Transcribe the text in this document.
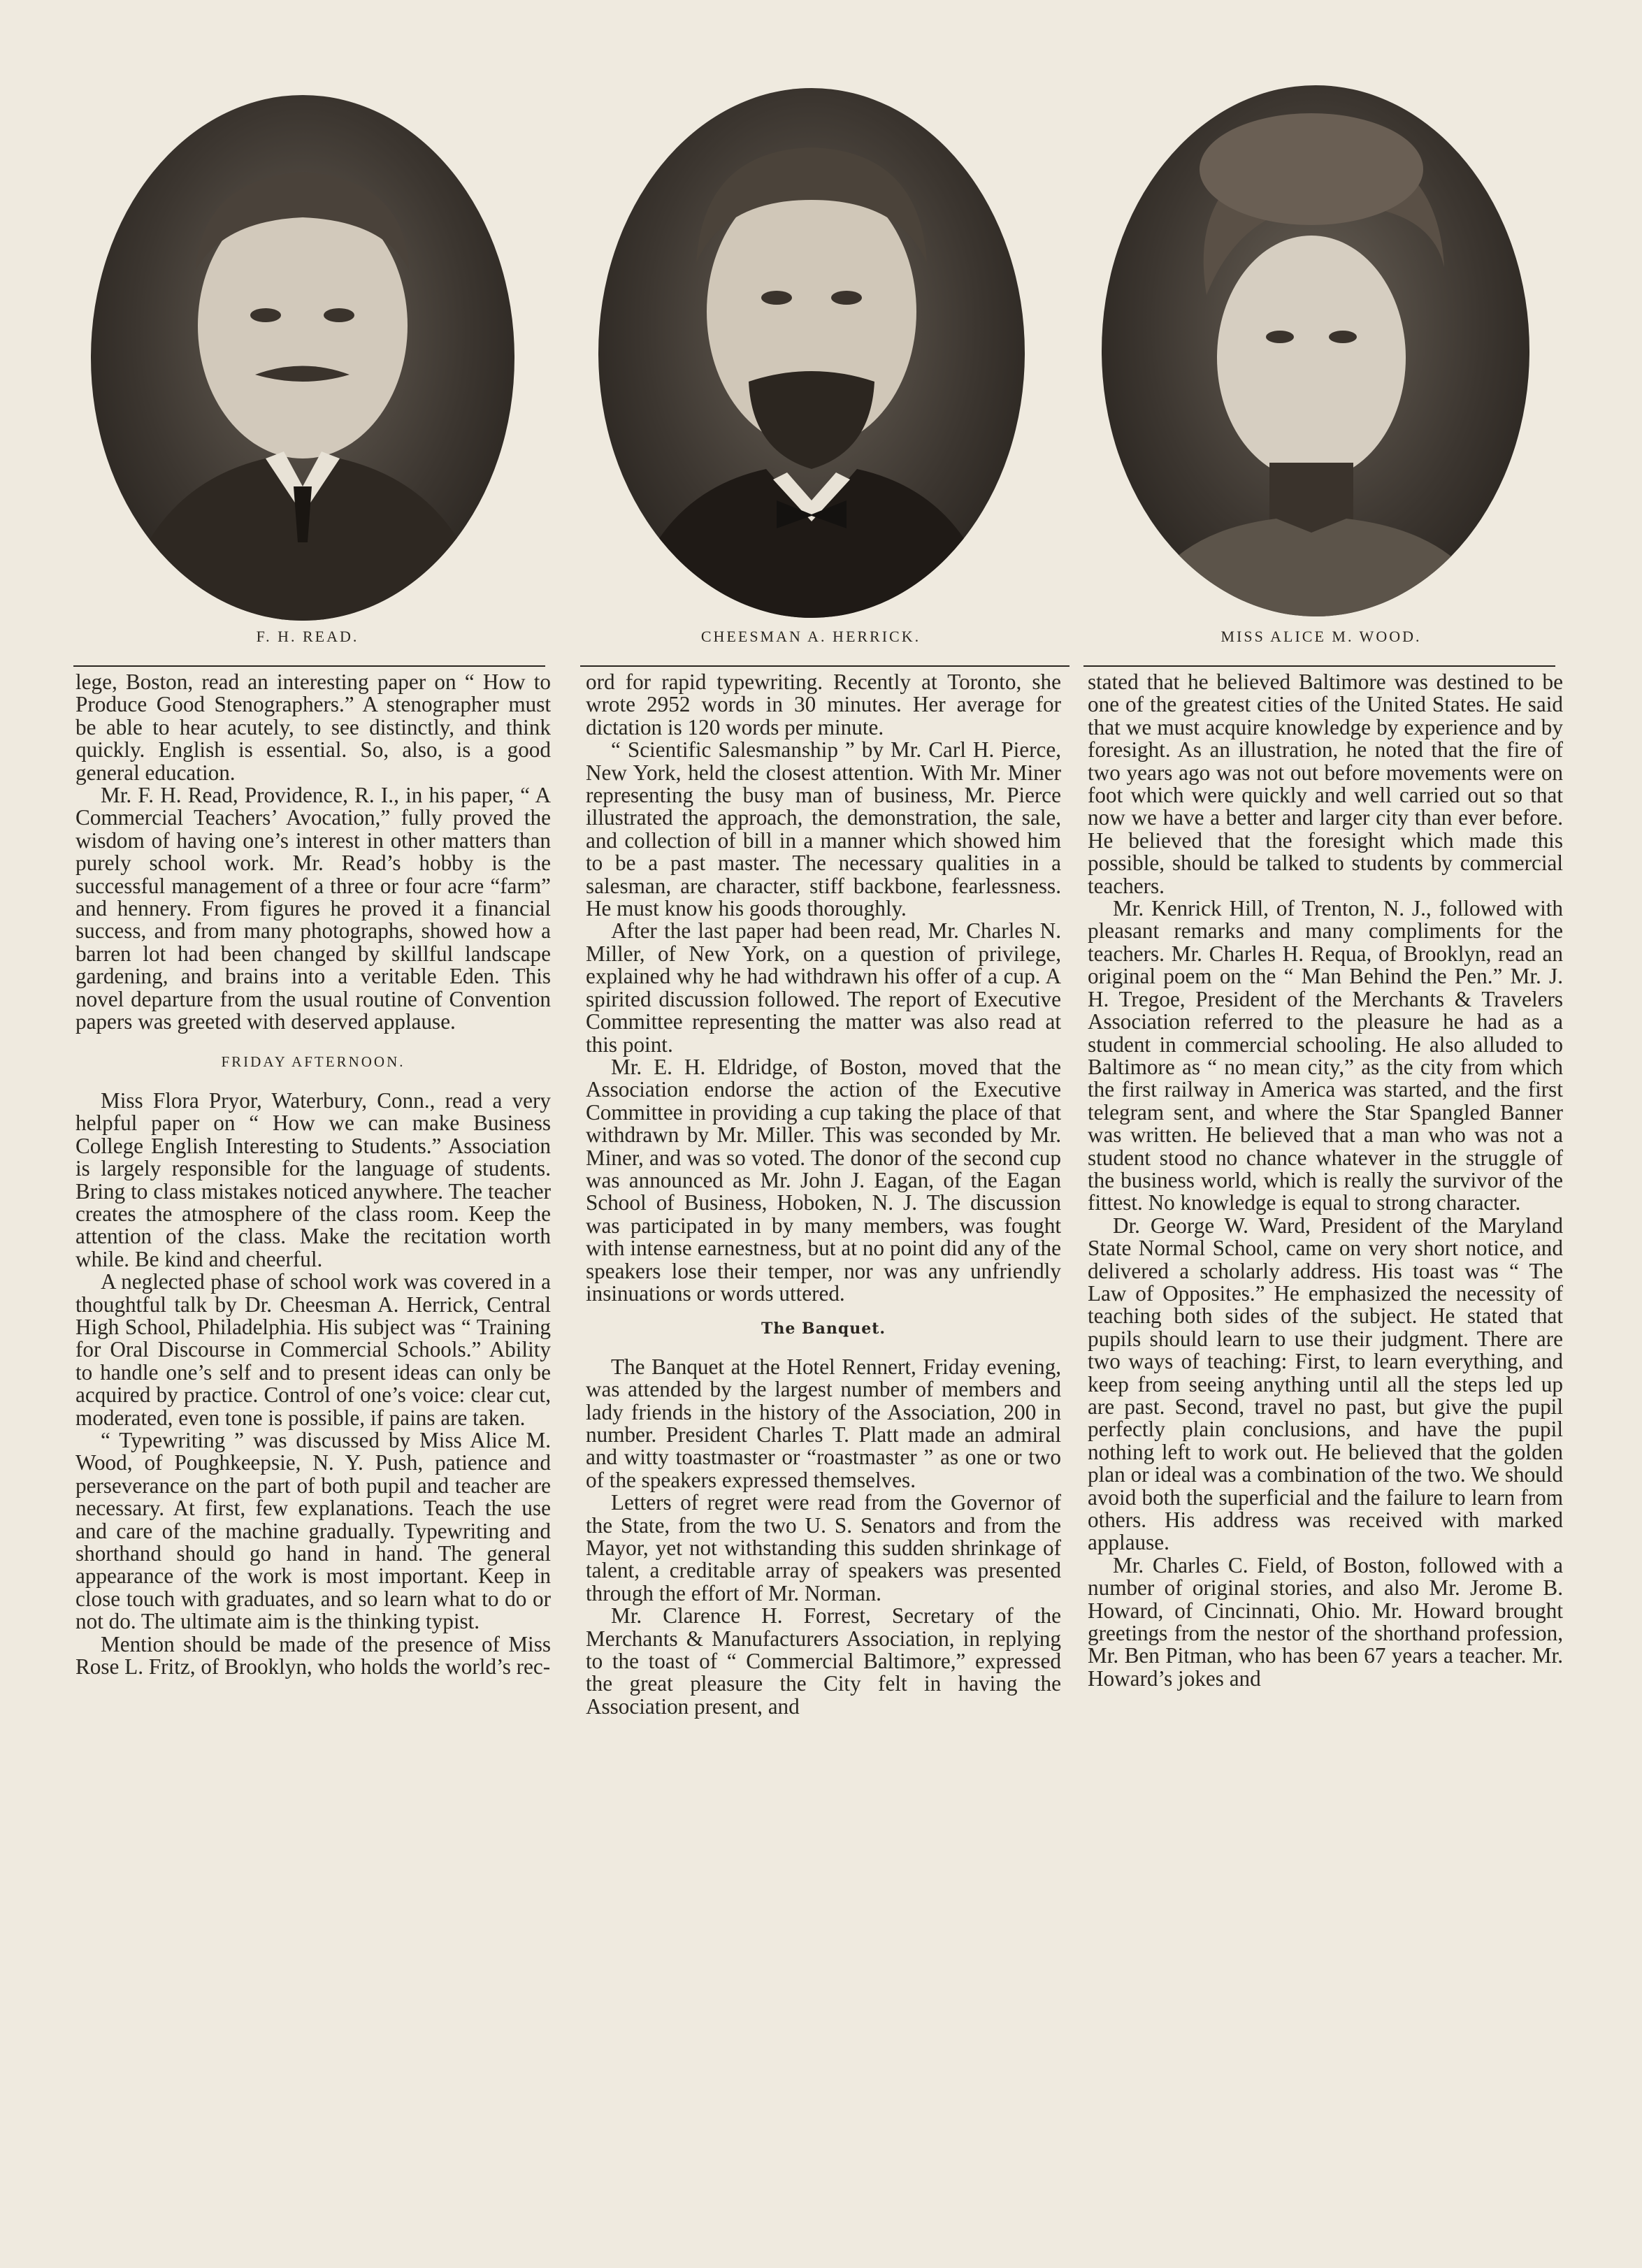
F. H. READ.	CHEESMAN A. HERRICK.	MISS ALICE M. WOOD.

lege, Boston, read an interesting paper on “ How to Produce Good Stenographers.” A stenographer must be able to hear acutely, to see distinctly, and think quickly. English is essential. So, also, is a good general education.

Mr. F. H. Read, Providence, R. I., in his paper, “ A Commercial Teachers’ Avocation,” fully proved the wisdom of having one’s interest in other matters than purely school work. Mr. Read’s hobby is the successful management of a three or four acre “farm” and hennery. From figures he proved it a financial success, and from many photographs, showed how a barren lot had been changed by skillful landscape gardening, and brains into a veritable Eden. This novel departure from the usual routine of Convention papers was greeted with deserved applause.

FRIDAY AFTERNOON.

Miss Flora Pryor, Waterbury, Conn., read a very helpful paper on “ How we can make Business College English Interesting to Students.” Association is largely responsible for the language of students. Bring to class mistakes noticed anywhere. The teacher creates the atmosphere of the class room. Keep the attention of the class. Make the recitation worth while. Be kind and cheerful.

A neglected phase of school work was covered in a thoughtful talk by Dr. Cheesman A. Herrick, Central High School, Philadelphia. His subject was “ Training for Oral Discourse in Commercial Schools.” Ability to handle one’s self and to present ideas can only be acquired by practice. Control of one’s voice: clear cut, moderated, even tone is possible, if pains are taken.

“ Typewriting ” was discussed by Miss Alice M. Wood, of Poughkeepsie, N. Y. Push, patience and perseverance on the part of both pupil and teacher are necessary. At first, few explanations. Teach the use and care of the machine gradually. Typewriting and shorthand should go hand in hand. The general appearance of the work is most important. Keep in close touch with graduates, and so learn what to do or not do. The ultimate aim is the thinking typist.

Mention should be made of the presence of Miss Rose L. Fritz, of Brooklyn, who holds the world’s rec-

ord for rapid typewriting. Recently at Toronto, she wrote 2952 words in 30 minutes. Her average for dictation is 120 words per minute.

“ Scientific Salesmanship ” by Mr. Carl H. Pierce, New York, held the closest attention. With Mr. Miner representing the busy man of business, Mr. Pierce illustrated the approach, the demonstration, the sale, and collection of bill in a manner which showed him to be a past master. The necessary qualities in a salesman, are character, stiff backbone, fearlessness. He must know his goods thoroughly.

After the last paper had been read, Mr. Charles N. Miller, of New York, on a question of privilege, explained why he had withdrawn his offer of a cup. A spirited discussion followed. The report of Executive Committee representing the matter was also read at this point.

Mr. E. H. Eldridge, of Boston, moved that the Association endorse the action of the Executive Committee in providing a cup taking the place of that withdrawn by Mr. Miller. This was seconded by Mr. Miner, and was so voted. The donor of the second cup was announced as Mr. John J. Eagan, of the Eagan School of Business, Hoboken, N. J. The discussion was participated in by many members, was fought with intense earnestness, but at no point did any of the speakers lose their temper, nor was any unfriendly insinuations or words uttered.

The Banquet.

The Banquet at the Hotel Rennert, Friday evening, was attended by the largest number of members and lady friends in the history of the Association, 200 in number. President Charles T. Platt made an admiral and witty toastmaster or “roastmaster ” as one or two of the speakers expressed themselves.

Letters of regret were read from the Governor of the State, from the two U. S. Senators and from the Mayor, yet not withstanding this sudden shrinkage of talent, a creditable array of speakers was presented through the effort of Mr. Norman.

Mr. Clarence H. Forrest, Secretary of the Merchants & Manufacturers Association, in replying to the toast of “ Commercial Baltimore,” expressed the great pleasure the City felt in having the Association present, and

stated that he believed Baltimore was destined to be one of the greatest cities of the United States. He said that we must acquire knowledge by experience and by foresight. As an illustration, he noted that the fire of two years ago was not out before movements were on foot which were quickly and well carried out so that now we have a better and larger city than ever before. He believed that the foresight which made this possible, should be talked to students by commercial teachers.

Mr. Kenrick Hill, of Trenton, N. J., followed with pleasant remarks and many compliments for the teachers. Mr. Charles H. Requa, of Brooklyn, read an original poem on the “ Man Behind the Pen.” Mr. J. H. Tregoe, President of the Merchants & Travelers Association referred to the pleasure he had as a student in commercial schooling. He also alluded to Baltimore as “ no mean city,” as the city from which the first railway in America was started, and the first telegram sent, and where the Star Spangled Banner was written. He believed that a man who was not a student stood no chance whatever in the struggle of the business world, which is really the survivor of the fittest. No knowledge is equal to strong character.

Dr. George W. Ward, President of the Maryland State Normal School, came on very short notice, and delivered a scholarly address. His toast was “ The Law of Opposites.” He emphasized the necessity of teaching both sides of the subject. He stated that pupils should learn to use their judgment. There are two ways of teaching: First, to learn everything, and keep from seeing anything until all the steps led up are past. Second, travel no past, but give the pupil perfectly plain conclusions, and have the pupil nothing left to work out. He believed that the golden plan or ideal was a combination of the two. We should avoid both the superficial and the failure to learn from others. His address was received with marked applause.

Mr. Charles C. Field, of Boston, followed with a number of original stories, and also Mr. Jerome B. Howard, of Cincinnati, Ohio. Mr. Howard brought greetings from the nestor of the shorthand profession, Mr. Ben Pitman, who has been 67 years a teacher. Mr. Howard’s jokes and
